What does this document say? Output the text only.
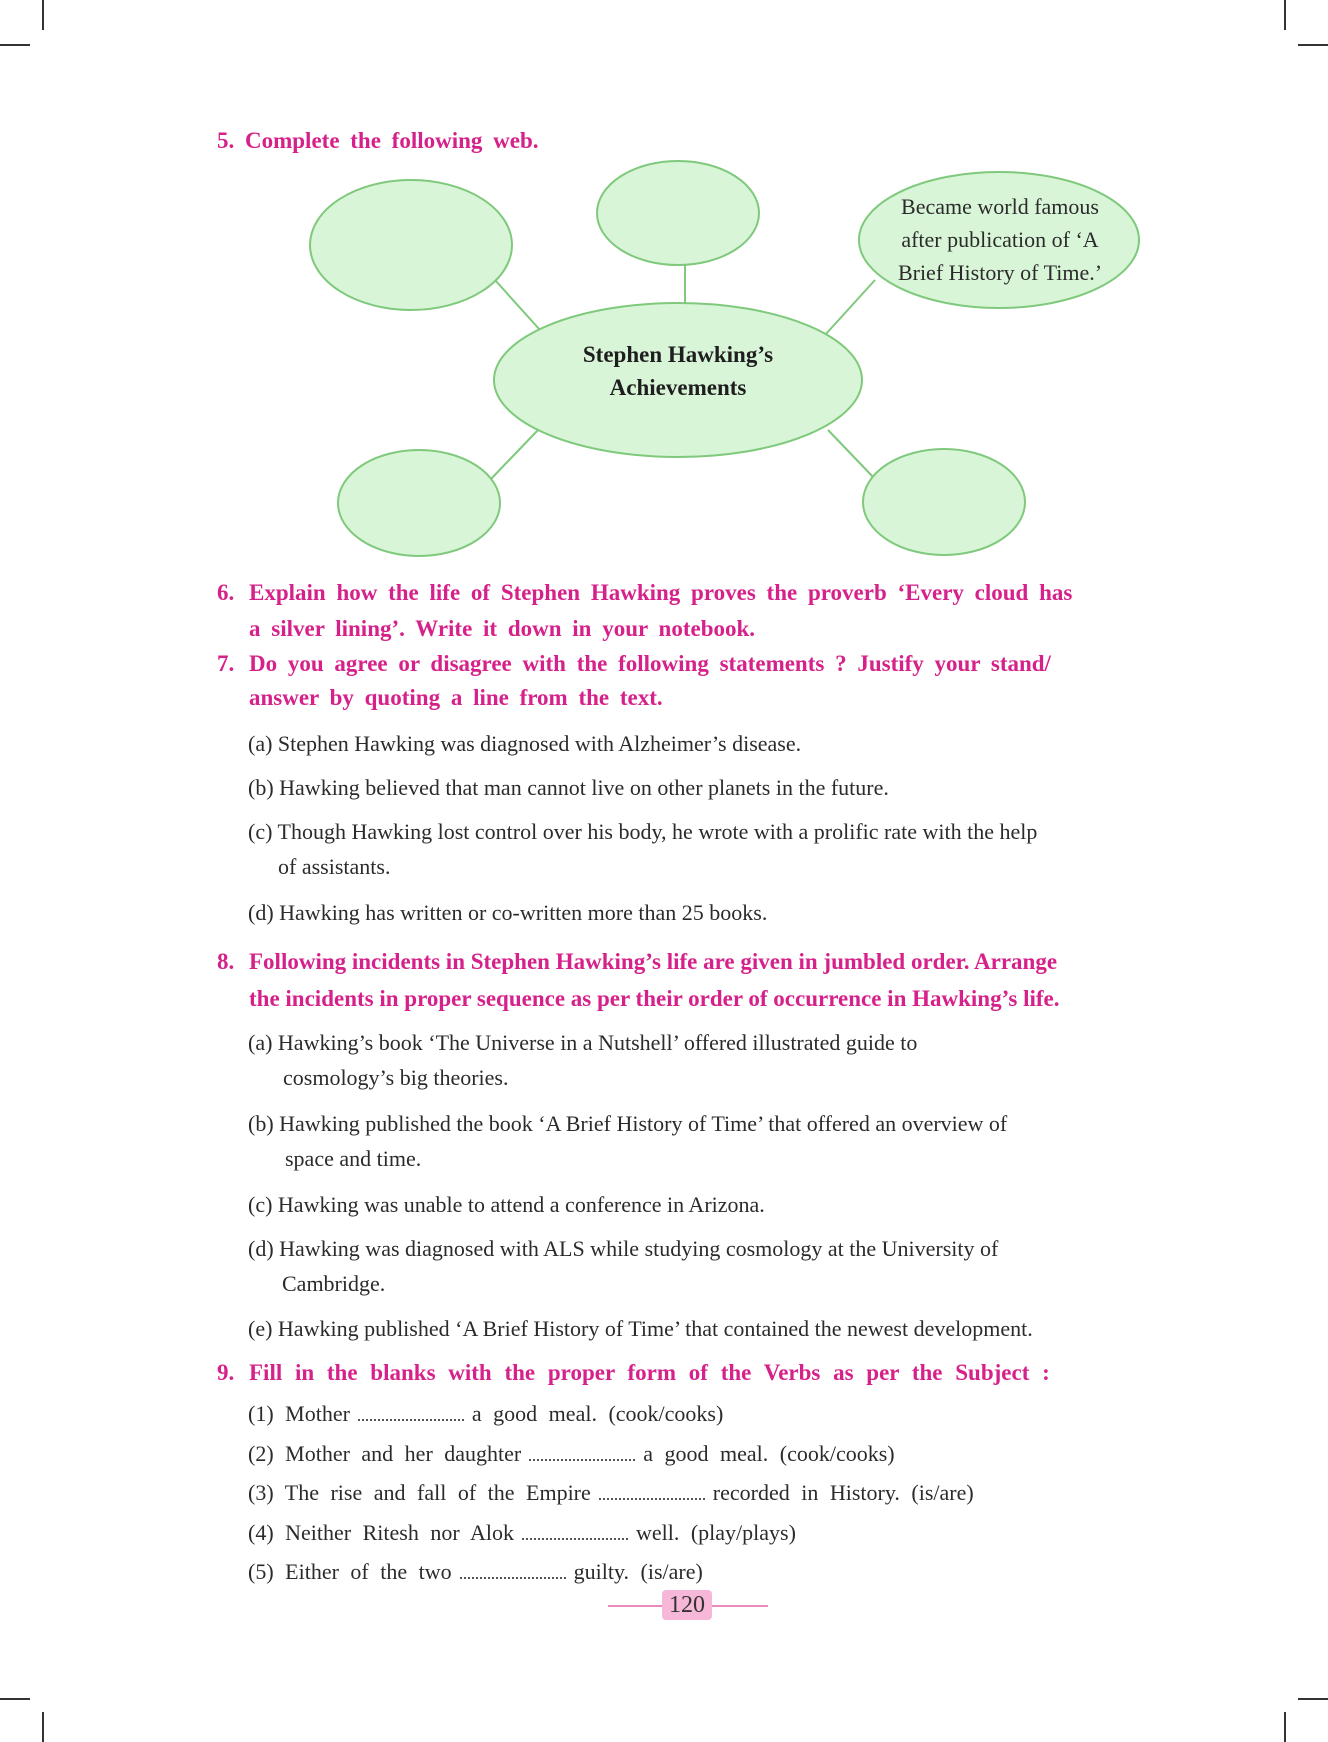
5. Complete the following web.
Became world famous
after publication of ‘A
Brief History of Time.’
Stephen Hawking’s
Achievements
6. Explain how the life of Stephen Hawking proves the proverb ‘Every cloud has
a silver lining’. Write it down in your notebook.
7. Do you agree or disagree with the following statements ? Justify your stand/
answer by quoting a line from the text.
(a) Stephen Hawking was diagnosed with Alzheimer’s disease.
(b) Hawking believed that man cannot live on other planets in the future.
(c) Though Hawking lost control over his body, he wrote with a prolific rate with the help
of assistants.
(d) Hawking has written or co-written more than 25 books.
8. Following incidents in Stephen Hawking’s life are given in jumbled order. Arrange
the incidents in proper sequence as per their order of occurrence in Hawking’s life.
(a) Hawking’s book ‘The Universe in a Nutshell’ offered illustrated guide to
cosmology’s big theories.
(b) Hawking published the book ‘A Brief History of Time’ that offered an overview of
space and time.
(c) Hawking was unable to attend a conference in Arizona.
(d) Hawking was diagnosed with ALS while studying cosmology at the University of
Cambridge.
(e) Hawking published ‘A Brief History of Time’ that contained the newest development.
9. Fill in the blanks with the proper form of the Verbs as per the Subject :
(1) Mother	a good meal. (cook/cooks)
(2) Mother and her daughter	a good meal. (cook/cooks)
(3) The rise and fall of the Empire	recorded in History. (is/are)
(4) Neither Ritesh nor Alok	well. (play/plays)
(5) Either of the two	guilty. (is/are)
120
